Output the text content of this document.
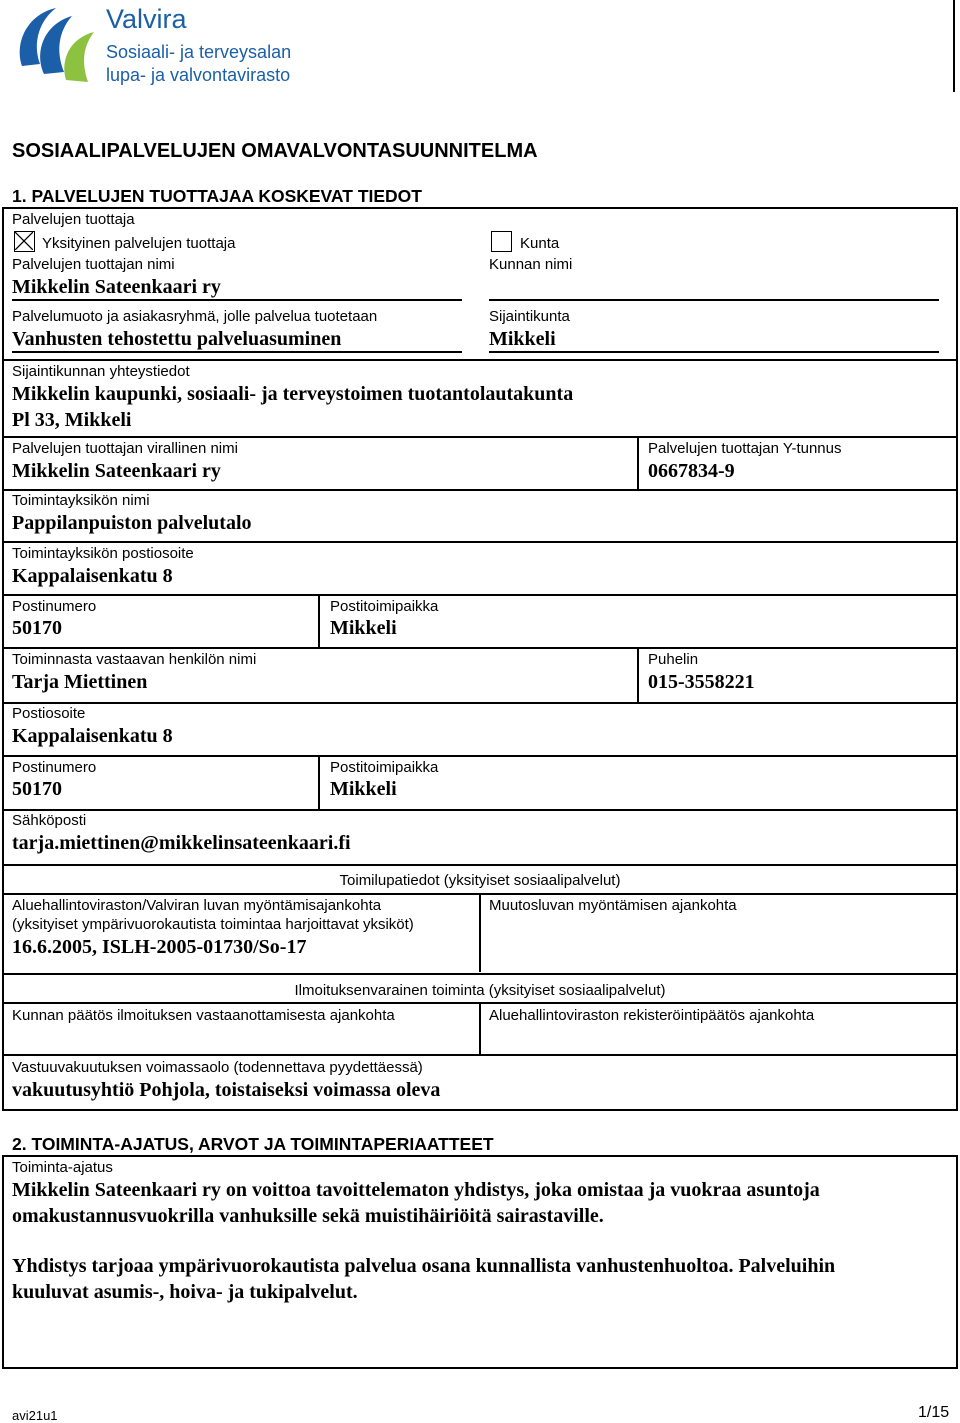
Valvira
Sosiaali- ja terveysalan
lupa- ja valvontavirasto
SOSIAALIPALVELUJEN OMAVALVONTASUUNNITELMA
1. PALVELUJEN TUOTTAJAA KOSKEVAT TIEDOT
Palvelujen tuottaja
Yksityinen palvelujen tuottaja	Kunta
Palvelujen tuottajan nimi
Mikkelin Sateenkaari ry
Kunnan nimi
Palvelumuoto ja asiakasryhmä, jolle palvelua tuotetaan
Vanhusten tehostettu palveluasuminen
Sijaintikunta
Mikkeli
Sijaintikunnan yhteystiedot
Mikkelin kaupunki, sosiaali- ja terveystoimen tuotantolautakunta
Pl 33, Mikkeli
Palvelujen tuottajan virallinen nimi
Mikkelin Sateenkaari ry
Palvelujen tuottajan Y-tunnus
0667834-9
Toimintayksikön nimi
Pappilanpuiston palvelutalo
Toimintayksikön postiosoite
Kappalaisenkatu 8
Postinumero
50170
Postitoimipaikka
Mikkeli
Toiminnasta vastaavan henkilön nimi
Tarja Miettinen
Puhelin
015-3558221
Postiosoite
Kappalaisenkatu 8
Postinumero
50170
Postitoimipaikka
Mikkeli
Sähköposti
tarja.miettinen@mikkelinsateenkaari.fi
Toimilupatiedot (yksityiset sosiaalipalvelut)
Aluehallintoviraston/Valviran luvan myöntämisajankohta
(yksityiset ympärivuorokautista toimintaa harjoittavat yksiköt)
16.6.2005, ISLH-2005-01730/So-17
Muutosluvan myöntämisen ajankohta
Ilmoituksenvarainen toiminta (yksityiset sosiaalipalvelut)
Kunnan päätös ilmoituksen vastaanottamisesta ajankohta	Aluehallintoviraston rekisteröintipäätös ajankohta
Vastuuvakuutuksen voimassaolo (todennettava pyydettäessä)
vakuutusyhtiö Pohjola, toistaiseksi voimassa oleva
2. TOIMINTA-AJATUS, ARVOT JA TOIMINTAPERIAATTEET
Toiminta-ajatus
Mikkelin Sateenkaari ry on voittoa tavoittelematon yhdistys, joka omistaa ja vuokraa asuntoja
omakustannusvuokrilla vanhuksille sekä muistihäiriöitä sairastaville.
Yhdistys tarjoaa ympärivuorokautista palvelua osana kunnallista vanhustenhuoltoa. Palveluihin
kuuluvat asumis-, hoiva- ja tukipalvelut.
avi21u1	1/15
